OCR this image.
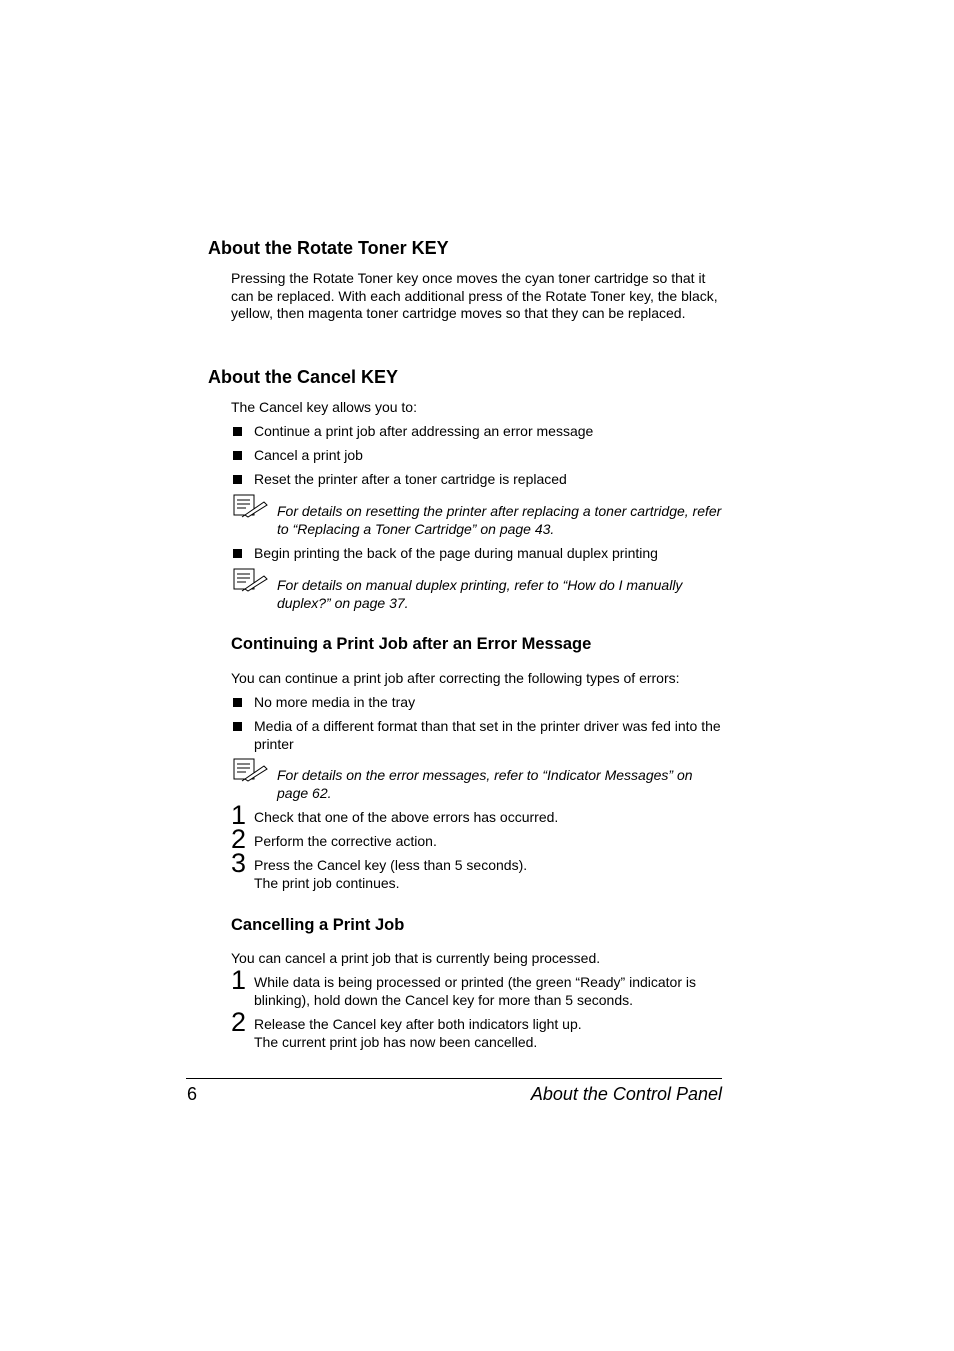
About the Rotate Toner KEY
Pressing the Rotate Toner key once moves the cyan toner cartridge so that it can be replaced. With each additional press of the Rotate Toner key, the black, yellow, then magenta toner cartridge moves so that they can be replaced.
About the Cancel KEY
The Cancel key allows you to:
Continue a print job after addressing an error message
Cancel a print job
Reset the printer after a toner cartridge is replaced
For details on resetting the printer after replacing a toner cartridge, refer to “Replacing a Toner Cartridge” on page 43.
Begin printing the back of the page during manual duplex printing
For details on manual duplex printing, refer to “How do I manually duplex?” on page 37.
Continuing a Print Job after an Error Message
You can continue a print job after correcting the following types of errors:
No more media in the tray
Media of a different format than that set in the printer driver was fed into the printer
For details on the error messages, refer to “Indicator Messages” on page 62.
1 Check that one of the above errors has occurred.
2 Perform the corrective action.
3 Press the Cancel key (less than 5 seconds).
The print job continues.
Cancelling a Print Job
You can cancel a print job that is currently being processed.
1 While data is being processed or printed (the green “Ready” indicator is blinking), hold down the Cancel key for more than 5 seconds.
2 Release the Cancel key after both indicators light up.
The current print job has now been cancelled.
6	About the Control Panel
